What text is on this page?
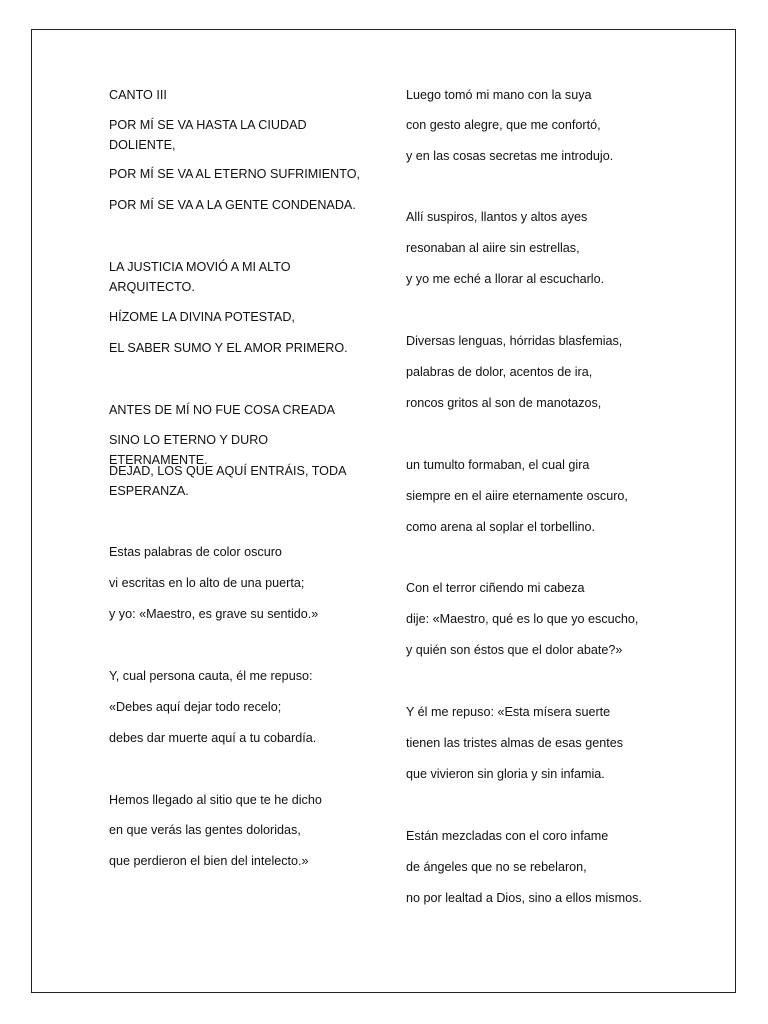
CANTO III

POR MÍ SE VA HASTA LA CIUDAD DOLIENTE,

POR MÍ SE VA AL ETERNO SUFRIMIENTO,

POR MÍ SE VA A LA GENTE CONDENADA.

LA JUSTICIA MOVIÓ A MI ALTO ARQUITECTO.

HÍZOME LA DIVINA POTESTAD,

EL SABER SUMO Y EL AMOR PRIMERO.

ANTES DE MÍ NO FUE COSA CREADA

SINO LO ETERNO Y DURO ETERNAMENTE.

DEJAD, LOS QUE AQUÍ ENTRÁIS, TODA ESPERANZA.

Estas palabras de color oscuro

vi escritas en lo alto de una puerta;

y yo: «Maestro, es grave su sentido.»

Y, cual persona cauta, él me repuso:

«Debes aquí dejar todo recelo;

debes dar muerte aquí a tu cobardía.

Hemos llegado al sitio que te he dicho

en que verás las gentes doloridas,

que perdieron el bien del intelecto.»

Luego tomó mi mano con la suya

con gesto alegre, que me confortó,

y en las cosas secretas me introdujo.

Allí suspiros, llantos y altos ayes

resonaban al aiire sin estrellas,

y yo me eché a llorar al escucharlo.

Diversas lenguas, hórridas blasfemias,

palabras de dolor, acentos de ira,

roncos gritos al son de manotazos,

un tumulto formaban, el cual gira

siempre en el aiire eternamente oscuro,

como arena al soplar el torbellino.

Con el terror ciñendo mi cabeza

dije: «Maestro, qué es lo que yo escucho,

y quién son éstos que el dolor abate?»

Y él me repuso: «Esta mísera suerte

tienen las tristes almas de esas gentes

que vivieron sin gloria y sin infamia.

Están mezcladas con el coro infame

de ángeles que no se rebelaron,

no por lealtad a Dios, sino a ellos mismos.
